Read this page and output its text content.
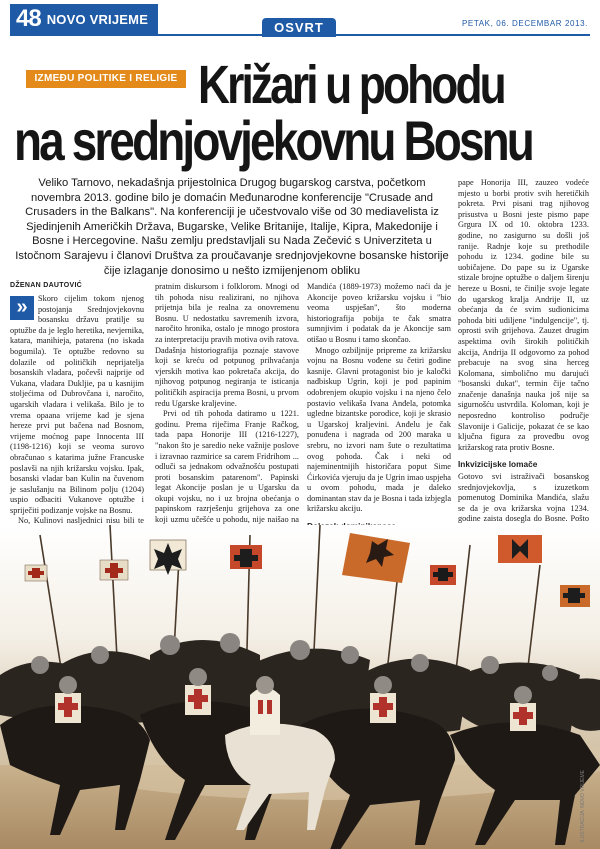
48 NOVO VRIJEME
OSVRT	PETAK, 06. DECEMBAR 2013.
IZMEĐU POLITIKE I RELIGIE Križari u pohodu
na srednjovjekovnu Bosnu
Veliko Tarnovo, nekadašnja prijestolnica Drugog bugarskog carstva, početkom novembra 2013. godine bilo je domaćin Međunarodne konferencije "Crusade and Crusaders in the Balkans". Na konferenciji je učestvovalo više od 30 mediavelista iz Sjedinjenih Američkih Država, Bugarske, Velike Britanije, Italije, Kipra, Makedonije i Bosne i Hercegovine. Našu zemlju predstavljali su Nada Zečević s Univerziteta u Istočnom Sarajevu i članovi Društva za proučavanje srednjovjekovne bosanske historije čije izlaganje donosimo u nešto izmijenjenom obliku
DŽENAN DAUTOVIĆ
»	Skoro cijelim tokom njenog postojanja Srednjovjekovnu bosansku državu pratilje su optužbe da je leglo heretika, nevjernika, katara, manihieja, patarena (no iskada bogumila). Te optužbe redovno su dolazile od političkih neprijatelja bosanskih vladara, počevši najprije od Vukana, vladara Dukljie, pa u kasnijim stoljećima od Dubrovčana i, naročito, ugarskih vladara i velikaša. Bilo je to vrema opaana vrijeme kad je sjena hereze prvi put bačena nad Bosnom, vrijeme moćnog pape Innocenta III (1198-1216) koji se veoma surovo obračunao s katarima južne Francuske poslavši na njih križarsku vojsku. Ipak, bosanski vladar ban Kulin na čuvenom je saslušanju na Bilinom polju (1204) uspio odbaciti Vukanove optužbe i spriječiti podizanje vojske na Bosnu.

No, Kulinovi nasljednici nisu bili te

pratnim diskursom i folklorom. Mnogi od tih pohoda nisu realizirani, no njihova prijetnja bila je realna za onovremenu Bosnu. U nedostatku savremenih izvora, naročito hronika, ostalo je mnogo prostora za interpretaciju pravih motiva ovih ratova. Dadašnja historiografija poznaje stavove koji se kreću od potpunog prihvaćanja vjerskih motiva kao pokretača akcija, do njihovog potpunog negiranja te isticanja političkih aspiracija prema Bosni, u prvom redu Ugarske kraljevine.

Prvi od tih pohoda datiramo u 1221. godinu. Prema riječima Franje Račkog, tada papa Honorije III (1216-1227), "nakon što je saredio neke važnije poslove i izravnao razmirice sa carem Fridrihom ... odluči sa jednakom odvažnošću postupati proti bosanskim patarenom". Papinski legat Akoncije poslan je u Ugarsku da okupi vojsku, no i uz brojna obećanja o papinskom razrješenju grijehova za one koji uzmu učešće u pohodu, nije naišao na

Mandića (1889-1973) možemo naći da je Akoncije poveo križarsku vojsku i "bio veoma uspješan", što moderna historiografija pobija te čak smatra sumnjivim i podatak da je Akoncije sam otišao u Bosnu i tamo skončao.

Mnogo ozbiljnije pripreme za križarsku vojnu na Bosnu vođene su četiri godine kasnije. Glavni protagonist bio je kaločki nadbiskup Ugrin, koji je pod papinim odobrenjem okupio vojsku i na njeno čelo postavio velikaša Ivana Anđela, potomka ugledne bizantske porodice, koji je skrasio u Ugarskoj kraljevini. Anđelu je čak ponuđena i nagrada od 200 maraka u srebru, no izvori nam šute o rezultatima ovog pohoda. Čak i neki od najeminentnijih historičara poput Sime Ćirkovića vjeruju da je Ugrin imao uspjeha u ovom pohodu, mada je daleko dominantan stav da je Bosna i tada izbjegla križarsku akciju.

pape Honorija III, zauzeo vodeće mjesto u borbi protiv svih heretičkih pokreta. Prvi pisani trag njihovog prisustva u Bosni jeste pismo pape Grgura IX od 10. oktobra 1233. godine, no zasigurno su došli još ranije. Radnje koje su prethodile pohodu iz 1234. godine bile su uobičajene. Do pape su iz Ugarske stizale brojne optužbe o daljem širenju hereze u Bosni, te činilje svoje legate do ugarskog kralja Andrije II, uz obećanja da će svim sudionicima pohoda biti udiljene "indulgencije", tj. oprosti svih grijehova. Zauzet drugim aspektima ovih širokih političkih akcija, Andrija II odgovorno za pohod prebacuje na svog sina herceg Kolomana, simbolično mu darujući "bosanski dukat", termin čije tačno značenje današnja nauka još nije sa sigurnošću ustvrdila. Koloman, koji je neposredno kontroliso područje Slavonije i Galicije, pokazat će se kao ključna figura za provedbu ovog križarskog rata protiv Bosne.

Inkvizicijske lomače

Gotovo svi istraživači bosanskog srednjovjekovlja, s izuzetkom pomenutog Dominika Mandića, slažu se da je ova križarska vojna 1234. godine zaista dosegla do Bosne. Pošto

ILUSTRACIJA: NOVO VRIJEME
